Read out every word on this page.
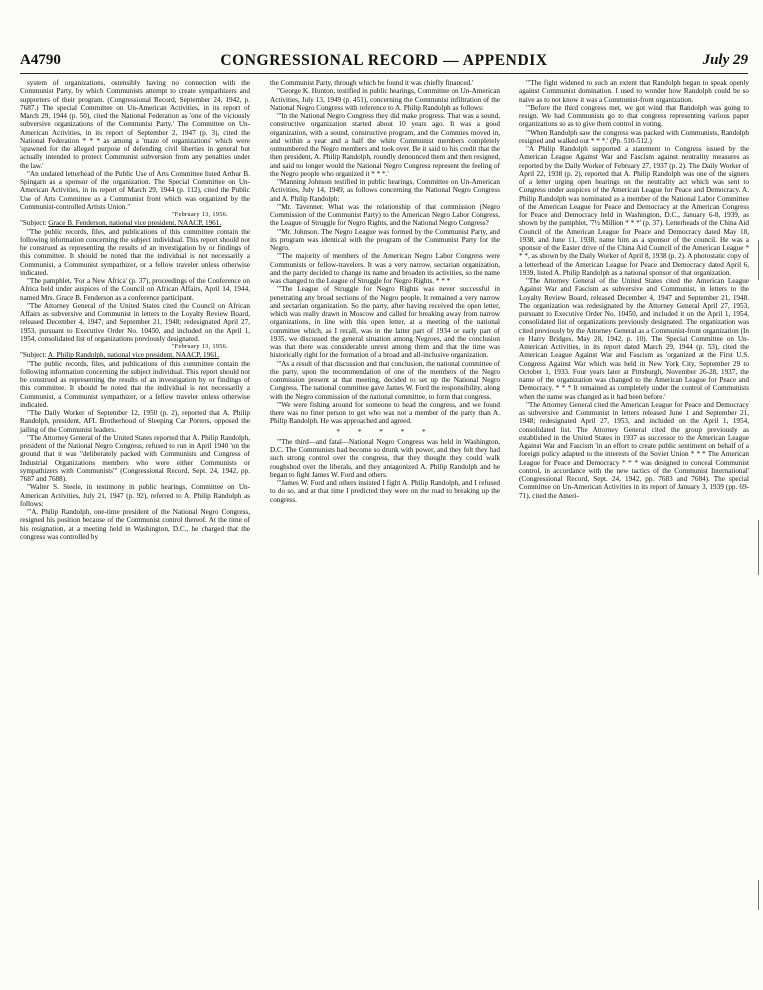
CONGRESSIONAL RECORD — APPENDIX
A4790	July 29

system of organizations, ostensibly having no connection with the Communist Party, by which Communists attempt to create sympathizers and supporters of their program. (Congressional Record, September 24, 1942, p. 7687.) The special Committee on Un-American Activities, in its report of March 29, 1944 (p. 50), cited the National Federation as 'one of the viciously subversive organizations of the Communist Party.' The Committee on Un-American Activities, in its report of September 2, 1947 (p. 3), cited the National Federation * * * as among a 'maze of organizations' which were 'spawned for the alleged purpose of defending civil liberties in general but actually intended to protect Communist subversion from any penalties under the law.'

"An undated letterhead of the Public Use of Arts Committee listed Arthur B. Spingarn as a sponsor of the organization. The Special Committee on Un-American Activities, in its report of March 29, 1944 (p. 112), cited the Public Use of Arts Committee as a Communist front which was organized by the Communist-controlled Artists Union."

"February 13, 1956.

"Subject: Grace B. Fenderson, national vice president, NAACP, 1961.

"The public records, files, and publications of this committee contain the following information concerning the subject individual. This report should not be construed as representing the results of an investigation by or findings of this committee. It should be noted that the individual is not necessarily a Communist, a Communist sympathizer, or a fellow traveler unless otherwise indicated.

"The pamphlet, 'For a New Africa' (p. 37), proceedings of the Conference on Africa held under auspices of the Council on African Affairs, April 14, 1944, named Mrs. Grace B. Fenderson as a conference participant.

"The Attorney General of the United States cited the Council on African Affairs as subversive and Communist in letters to the Loyalty Review Board, released December 4, 1947, and September 21, 1948; redesignated April 27, 1953, pursuant to Executive Order No. 10450, and included on the April 1, 1954, consolidated list of organizations previously designated.

"February 13, 1956.

"Subject: A. Philip Randolph, national vice president, NAACP, 1961.

"The public records, files, and publications of this committee contain the following information concerning the subject individual. This report should not be construed as representing the results of an investigation by or findings of this committee. It should be noted that the individual is not necessarily a Communist, a Communist sympathizer, or a fellow traveler unless otherwise indicated.

"The Daily Worker of September 12, 1950 (p. 2), reported that A. Philip Randolph, president, AFL Brotherhood of Sleeping Car Porters, opposed the jailing of the Communist leaders.

"The Attorney General of the United States reported that A. Philip Randolph, president of the National Negro Congress, refused to run in April 1940 'on the ground that it was "deliberately packed with Communists and Congress of Industrial Organizations members who were either Communists or sympathizers with Communists"' (Congressional Record, Sept. 24, 1942, pp. 7687 and 7688).

"Walter S. Steele, in testimony in public hearings, Committee on Un-American Activities, July 21, 1947 (p. 92), referred to A. Philip Randolph as follows:

"'A. Philip Randolph, one-time president of the National Negro Congress, resigned his position because of the Communist control thereof. At the time of his resignation, at a meeting held in Washington, D.C., he charged that the congress was controlled by

the Communist Party, through which he found it was chiefly financed.'

"George K. Hunton, testified in public hearings, Committee on Un-American Activities, July 13, 1949 (p. 451), concerning the Communist infiltration of the National Negro Congress with reference to A. Philip Randolph as follows:

"'In the National Negro Congress they did make progress. That was a sound, constructive organization started about 10 years ago. It was a good organization, with a sound, constructive program, and the Commies moved in, and within a year and a half the white Communist members completely outnumbered the Negro members and took over. Be it said to his credit that the then president, A. Philip Randolph, roundly denounced them and then resigned, and said no longer would the National Negro Congress represent the feeling of the Negro people who organized it * * *.'

"Manning Johnson testified in public hearings, Committee on Un-American Activities, July 14, 1949, as follows concerning the National Negro Congress and A. Philip Randolph:

"'Mr. Tavenner. What was the relationship of that commission (Negro Commission of the Communist Party) to the American Negro Labor Congress, the League of Struggle for Negro Rights, and the National Negro Congress?

"'Mr. Johnson. The Negro League was formed by the Communist Party, and its program was identical with the program of the Communist Party for the Negro.

"'The majority of members of the American Negro Labor Congress were Communists or fellow-travelers. It was a very narrow, sectarian organization, and the party decided to change its name and broaden its activities, so the name was changed to the League of Struggle for Negro Rights. * * *

"'The League of Struggle for Negro Rights was never successful in penetrating any broad sections of the Negro people. It remained a very narrow and sectarian organization. So the party, after having received the open letter, which was really drawn in Moscow and called for breaking away from narrow organizations, in line with this open letter, at a meeting of the national committee which, as I recall, was in the latter part of 1934 or early part of 1935, we discussed the general situation among Negroes, and the conclusion was that there was considerable unrest among them and that the time was historically right for the formation of a broad and all-inclusive organization.

"'As a result of that discussion and that conclusion, the national committee of the party, upon the recommendation of one of the members of the Negro commission present at that meeting, decided to set up the National Negro Congress. The national committee gave James W. Ford the responsibility, along with the Negro commission of the national committee, to form that congress.

"'We were fishing around for someone to head the congress, and we found there was no finer person to get who was not a member of the party than A. Philip Randolph. He was approached and agreed.

* * * * *

"'The third—and fatal—National Negro Congress was held in Washington, D.C. The Communists had become so drunk with power, and they felt they had such strong control over the congress, that they thought they could walk roughshod over the liberals, and they antagonized A. Philip Randolph and he began to fight James W. Ford and others.

"'James W. Ford and others insisted I fight A. Philip Randolph, and I refused to do so, and at that time I predicted they were on the road to breaking up the congress.

"'The fight widened to such an extent that Randolph began to speak openly against Communist domination. I used to wonder how Randolph could be so naive as to not know it was a Communist-front organization.

"'Before the third congress met, we got wind that Randolph was going to resign. We had Communists go to that congress representing various paper organizations so as to give them control in voting.

"'When Randolph saw the congress was packed with Communists, Randolph resigned and walked out * * *.' (Pp. 510-512.)

"A Philip Randolph supported a statement to Congress issued by the American League Against War and Fascism against neutrality measures as reported by the Daily Worker of February 27, 1937 (p. 2). The Daily Worker of April 22, 1938 (p. 2), reported that A. Philip Randolph was one of the signers of a letter urging open hearings on the neutrality act which was sent to Congress under auspices of the American League for Peace and Democracy. A. Philip Randolph was nominated as a member of the National Labor Committee of the American League for Peace and Democracy at the American Congress for Peace and Democracy held in Washington, D.C., January 6-8, 1939, as shown by the pamphlet, '7½ Million * * *' (p. 37). Letterheads of the China Aid Council of the American League for Peace and Democracy dated May 18, 1938, and June 11, 1938, name him as a sponsor of the council. He was a sponsor of the Easter drive of the China Aid Council of the American League * * *, as shown by the Daily Worker of April 8, 1938 (p. 2). A photostatic copy of a letterhead of the American League for Peace and Democracy dated April 6, 1939, listed A. Philip Randolph as a national sponsor of that organization.

"The Attorney General of the United States cited the American League Against War and Fascism as subversive and Communist, in letters to the Loyalty Review Board, released December 4, 1947 and September 21, 1948. The organization was redesignated by the Attorney General April 27, 1953, pursuant to Executive Order No. 10450, and included it on the April 1, 1954, consolidated list of organizations previously designated. The organization was cited previously by the Attorney General as a Communist-front organization (In re Harry Bridges, May 28, 1942, p. 10). The Special Committee on Un-American Activities, in its report dated March 29, 1944 (p. 53), cited the American League Against War and Fascism as 'organized at the First U.S. Congress Against War which was held in New York City, September 29 to October 1, 1933. Four years later at Pittsburgh, November 26-28, 1937, the name of the organization was changed to the American League for Peace and Democracy. * * * It remained as completely under the control of Communists when the name was changed as it had been before.'

"The Attorney General cited the American League for Peace and Democracy as subversive and Communist in letters released June 1 and September 21, 1948; redesignated April 27, 1953, and included on the April 1, 1954, consolidated list. The Attorney General cited the group previously as established in the United States in 1937 as successor to the American League Against War and Fascism 'in an effort to create public sentiment on behalf of a foreign policy adapted to the interests of the Soviet Union * * * The American League for Peace and Democracy * * * was designed to conceal Communist control, in accordance with the new tactics of the Communist International' (Congressional Record, Sept. 24, 1942, pp. 7683 and 7684). The special Committee on Un-American Activities in its report of January 3, 1939 (pp. 69-71), cited the Ameri-
